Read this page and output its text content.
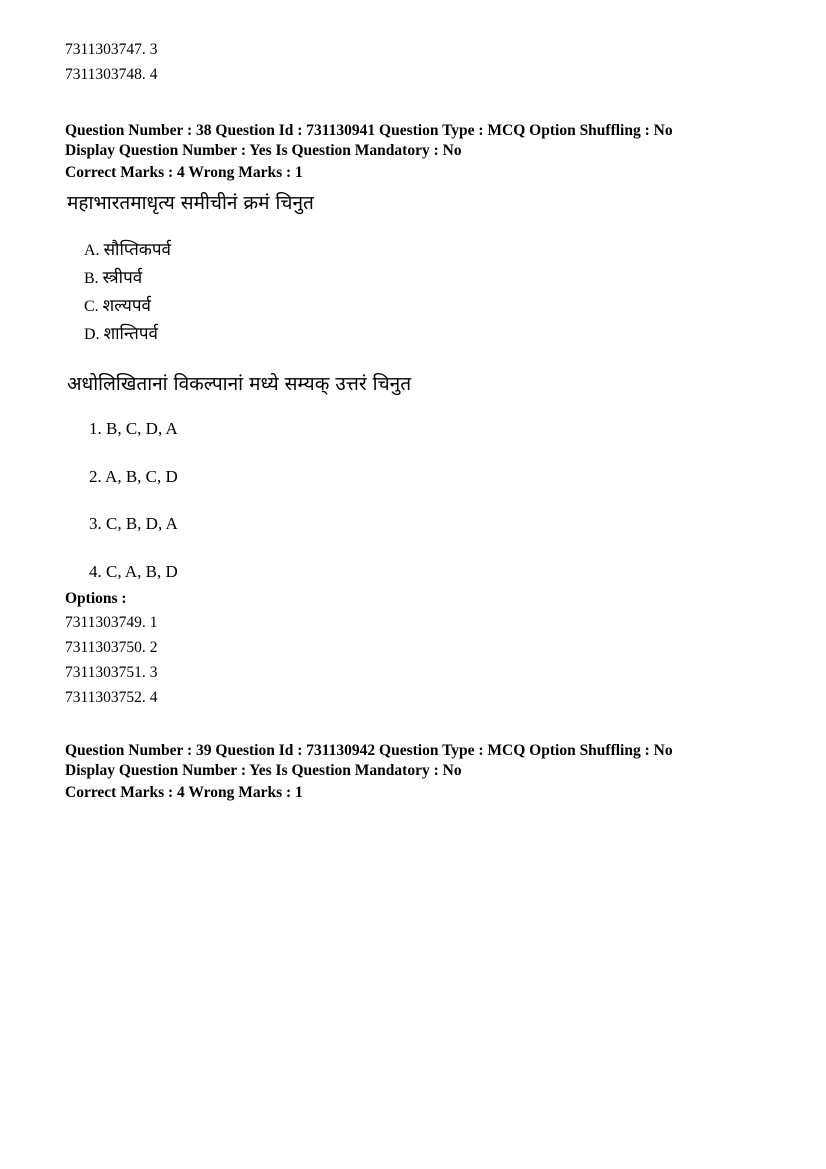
7311303747. 3
7311303748. 4
Question Number : 38 Question Id : 731130941 Question Type : MCQ Option Shuffling : No
Display Question Number : Yes Is Question Mandatory : No
Correct Marks : 4 Wrong Marks : 1
महाभारतमाधृत्य समीचीनं क्रमं चिनुत
A. सौप्तिकपर्व
B. स्त्रीपर्व
C. शल्यपर्व
D. शान्तिपर्व
अधोलिखितानां विकल्पानां मध्ये सम्यक् उत्तरं चिनुत
1. B, C, D, A
2. A, B, C, D
3. C, B, D, A
4. C, A, B, D
Options :
7311303749. 1
7311303750. 2
7311303751. 3
7311303752. 4
Question Number : 39 Question Id : 731130942 Question Type : MCQ Option Shuffling : No
Display Question Number : Yes Is Question Mandatory : No
Correct Marks : 4 Wrong Marks : 1
